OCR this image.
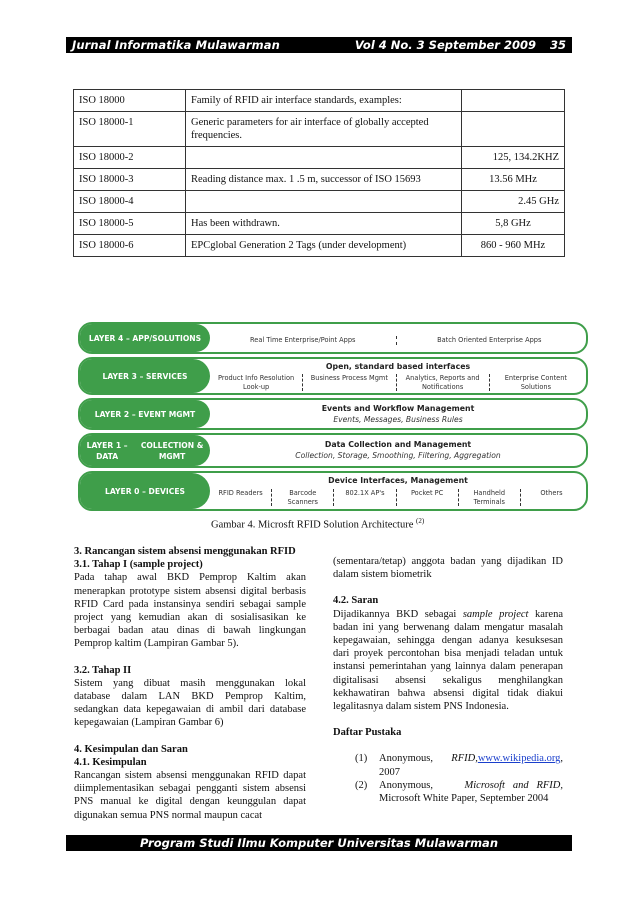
Jurnal Informatika Mulawarman	Vol 4 No. 3 September 2009 35
ISO 18000	Family of RFID air interface standards, examples:	
ISO 18000-1	Generic parameters for air interface of globally accepted frequencies.	
ISO 18000-2		125, 134.2KHZ
ISO 18000-3	Reading distance max. 1 .5 m, successor of ISO 15693	13.56 MHz
ISO 18000-4		2.45 GHz
ISO 18000-5	Has been withdrawn.	5,8 GHz
ISO 18000-6	EPCglobal Generation 2 Tags (under development)	860 - 960 MHz
LAYER 4 – APP/SOLUTIONS	Real Time Enterprise/Point Apps	Batch Oriented Enterprise Apps
LAYER 3 – SERVICES
Open, standard based interfaces
Product Info Resolution Look-up
Business Process Mgmt	Analytics, Reports and Notifications
Enterprise Content Solutions
LAYER 2 – EVENT MGMT
Events and Workflow Management
Events, Messages, Business Rules
LAYER 1 – DATA

COLLECTION & MGMT
Data Collection and Management
Collection, Storage, Smoothing, Filtering, Aggregation
LAYER 0 – DEVICES
Device Interfaces, Management
RFID Readers	Barcode Scanners
802.1X AP's	Pocket PC	Handheld Terminals
Others
Gambar 4. Microsft RFID Solution Architecture $^{(2)}$
3. Rancangan sistem absensi menggunakan RFID
3.1. Tahap I (sample project)
Pada tahap awal BKD Pemprop Kaltim akan menerapkan prototype sistem absensi digital berbasis RFID Card pada instansinya sendiri sebagai sample project yang kemudian akan di sosialisasikan ke berbagai badan atau dinas di bawah lingkungan Pemprop kaltim (Lampiran Gambar 5).
3.2. Tahap II
Sistem yang dibuat masih menggunakan lokal database dalam LAN BKD Pemprop Kaltim, sedangkan data kepegawaian di ambil dari database kepegawaian (Lampiran Gambar 6)
4. Kesimpulan dan Saran
4.1. Kesimpulan
Rancangan sistem absensi menggunakan RFID dapat diimplementasikan sebagai pengganti sistem absensi PNS manual ke digital dengan keunggulan dapat digunakan semua PNS normal maupun cacat
(sementara/tetap) anggota badan yang dijadikan ID dalam sistem biometrik
4.2. Saran
Dijadikannya BKD sebagai sample project karena badan ini yang berwenang dalam mengatur masalah kepegawaian, sehingga dengan adanya kesuksesan dari proyek percontohan bisa menjadi teladan untuk instansi pemerintahan yang lainnya dalam penerapan digitalisasi absensi sekaligus menghilangkan kekhawatiran bahwa absensi digital tidak diakui legalitasnya dalam sistem PNS Indonesia.
Daftar Pustaka
(1)	Anonymous, RFID,www.wikipedia.org, 2007
(2)	Anonymous,	Microsoft and RFID, Microsoft White Paper, September 2004
Program Studi Ilmu Komputer Universitas Mulawarman
